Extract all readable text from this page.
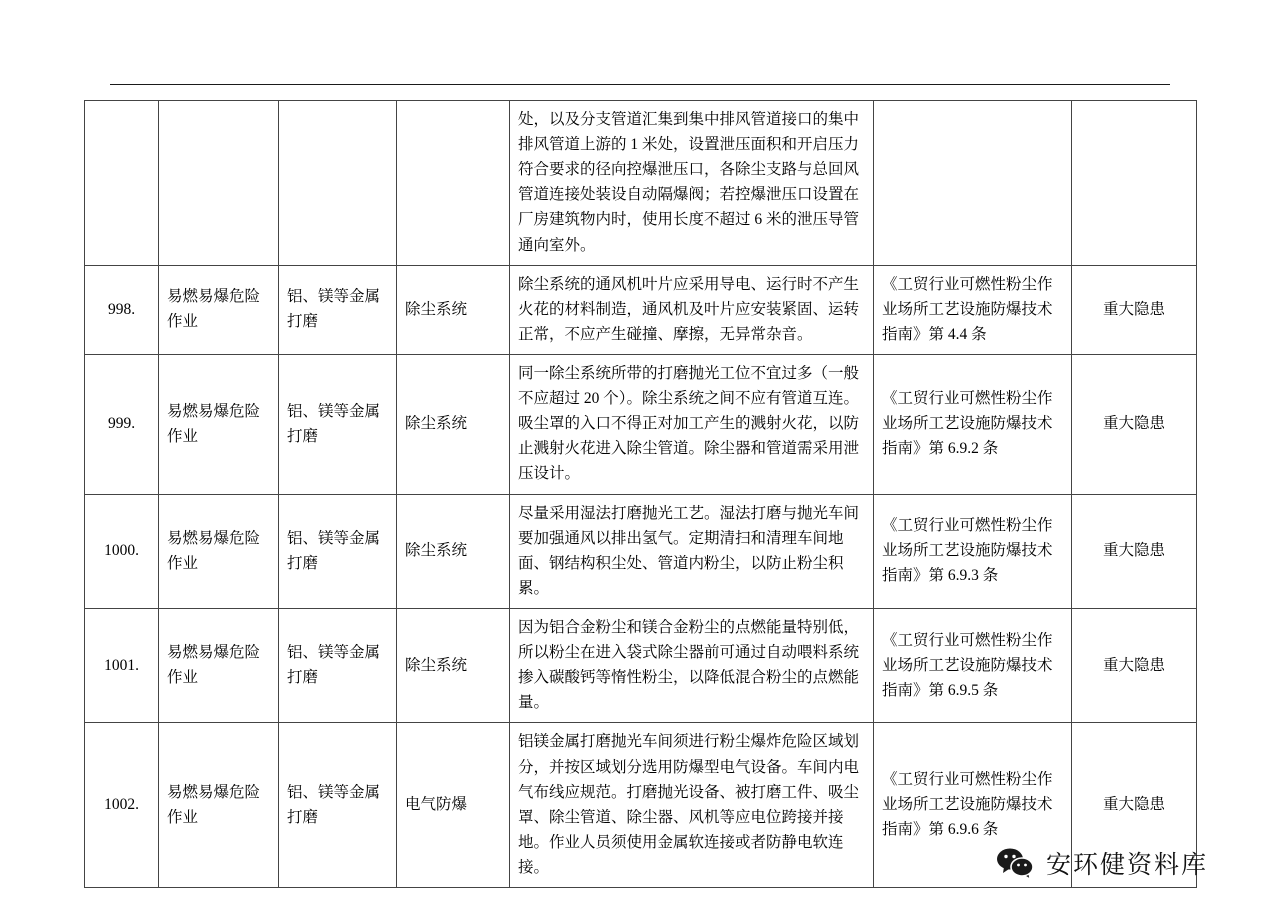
				处，以及分支管道汇集到集中排风管道接口的集中排风管道上游的 1 米处，设置泄压面积和开启压力符合要求的径向控爆泄压口，各除尘支路与总回风管道连接处装设自动隔爆阀；若控爆泄压口设置在厂房建筑物内时，使用长度不超过 6 米的泄压导管通向室外。		
998.	易燃易爆危险作业	铝、镁等金属打磨	除尘系统	除尘系统的通风机叶片应采用导电、运行时不产生火花的材料制造，通风机及叶片应安装紧固、运转正常，不应产生碰撞、摩擦，无异常杂音。	《工贸行业可燃性粉尘作业场所工艺设施防爆技术指南》第 4.4 条	重大隐患
999.	易燃易爆危险作业	铝、镁等金属打磨	除尘系统	同一除尘系统所带的打磨抛光工位不宜过多（一般不应超过 20 个）。除尘系统之间不应有管道互连。吸尘罩的入口不得正对加工产生的溅射火花，以防止溅射火花进入除尘管道。除尘器和管道需采用泄压设计。	《工贸行业可燃性粉尘作业场所工艺设施防爆技术指南》第 6.9.2 条	重大隐患
1000.	易燃易爆危险作业	铝、镁等金属打磨	除尘系统	尽量采用湿法打磨抛光工艺。湿法打磨与抛光车间要加强通风以排出氢气。定期清扫和清理车间地面、钢结构积尘处、管道内粉尘，以防止粉尘积累。	《工贸行业可燃性粉尘作业场所工艺设施防爆技术指南》第 6.9.3 条	重大隐患
1001.	易燃易爆危险作业	铝、镁等金属打磨	除尘系统	因为铝合金粉尘和镁合金粉尘的点燃能量特别低，所以粉尘在进入袋式除尘器前可通过自动喂料系统掺入碳酸钙等惰性粉尘，以降低混合粉尘的点燃能量。	《工贸行业可燃性粉尘作业场所工艺设施防爆技术指南》第 6.9.5 条	重大隐患
1002.	易燃易爆危险作业	铝、镁等金属打磨	电气防爆	铝镁金属打磨抛光车间须进行粉尘爆炸危险区域划分，并按区域划分选用防爆型电气设备。车间内电气布线应规范。打磨抛光设备、被打磨工件、吸尘罩、除尘管道、除尘器、风机等应电位跨接并接地。作业人员须使用金属软连接或者防静电软连接。	《工贸行业可燃性粉尘作业场所工艺设施防爆技术指南》第 6.9.6 条	重大隐患
安环健资料库
